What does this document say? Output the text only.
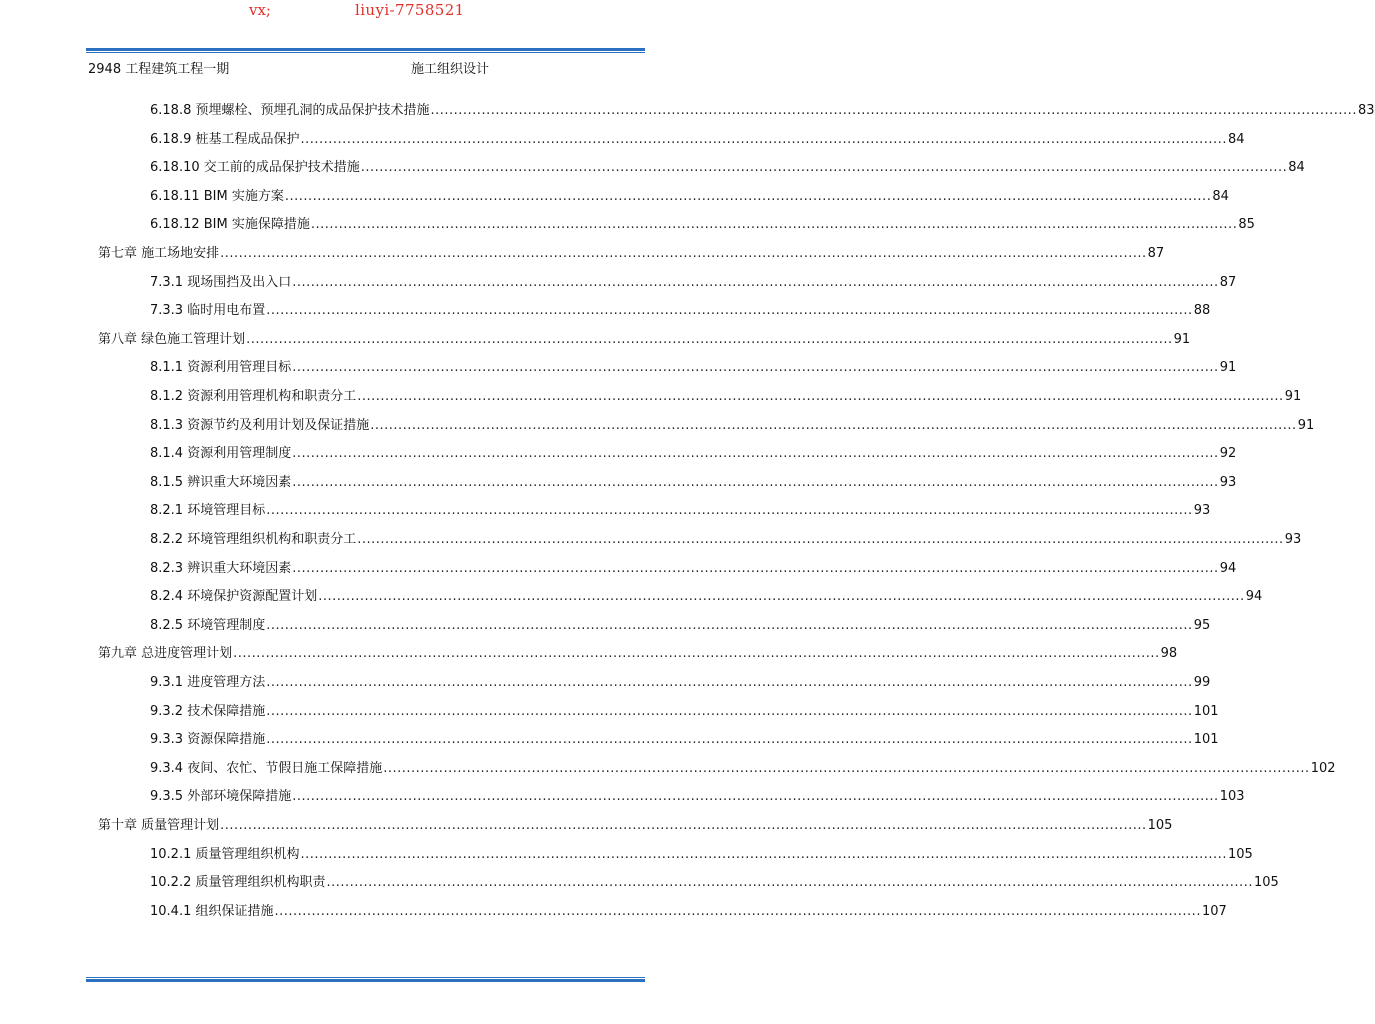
vx;	liuyi-7758521
2948 工程建筑工程一期	施工组织设计
6.18.8 预埋螺栓、预埋孔洞的成品保护技术措施 ........................................................................................................................................................................................................ 83
6.18.9 桩基工程成品保护 ........................................................................................................................................................................................................ 84
6.18.10 交工前的成品保护技术措施 ........................................................................................................................................................................................................ 84
6.18.11 BIM 实施方案 ........................................................................................................................................................................................................ 84
6.18.12 BIM 实施保障措施 ........................................................................................................................................................................................................ 85
第七章 施工场地安排 ........................................................................................................................................................................................................ 87
7.3.1 现场围挡及出入口 ........................................................................................................................................................................................................ 87
7.3.3 临时用电布置 ........................................................................................................................................................................................................ 88
第八章 绿色施工管理计划 ........................................................................................................................................................................................................ 91
8.1.1 资源利用管理目标 ........................................................................................................................................................................................................ 91
8.1.2 资源利用管理机构和职责分工 ........................................................................................................................................................................................................ 91
8.1.3 资源节约及利用计划及保证措施 ........................................................................................................................................................................................................ 91
8.1.4 资源利用管理制度 ........................................................................................................................................................................................................ 92
8.1.5 辨识重大环境因素 ........................................................................................................................................................................................................ 93
8.2.1 环境管理目标 ........................................................................................................................................................................................................ 93
8.2.2 环境管理组织机构和职责分工 ........................................................................................................................................................................................................ 93
8.2.3 辨识重大环境因素 ........................................................................................................................................................................................................ 94
8.2.4 环境保护资源配置计划 ........................................................................................................................................................................................................ 94
8.2.5 环境管理制度 ........................................................................................................................................................................................................ 95
第九章 总进度管理计划 ........................................................................................................................................................................................................ 98
9.3.1 进度管理方法 ........................................................................................................................................................................................................ 99
9.3.2 技术保障措施 ........................................................................................................................................................................................................ 101
9.3.3 资源保障措施 ........................................................................................................................................................................................................ 101
9.3.4 夜间、农忙、节假日施工保障措施 ........................................................................................................................................................................................................ 102
9.3.5 外部环境保障措施 ........................................................................................................................................................................................................ 103
第十章 质量管理计划 ........................................................................................................................................................................................................ 105
10.2.1 质量管理组织机构 ........................................................................................................................................................................................................ 105
10.2.2 质量管理组织机构职责 ........................................................................................................................................................................................................ 105
10.4.1 组织保证措施 ........................................................................................................................................................................................................ 107
